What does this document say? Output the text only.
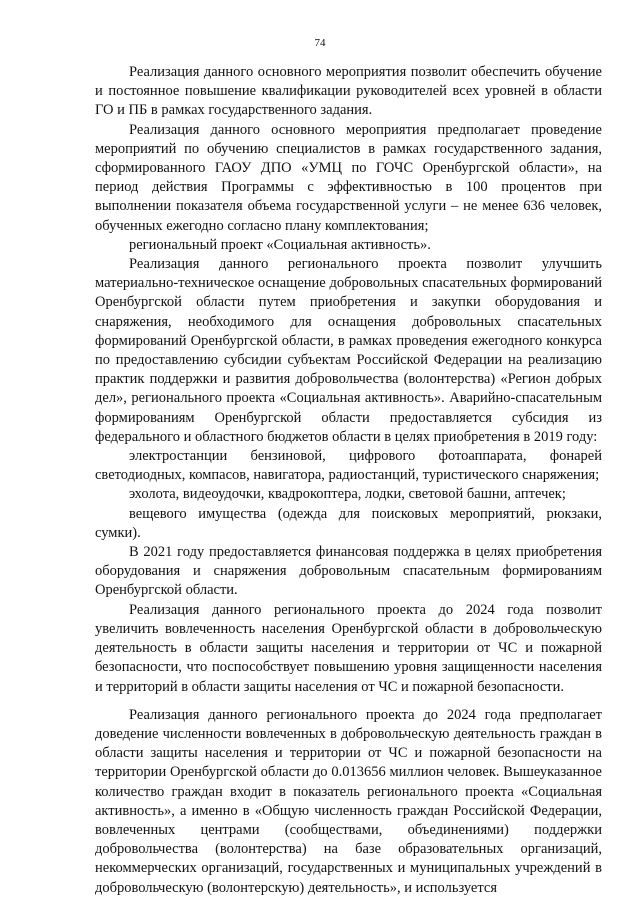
74

Реализация данного основного мероприятия позволит обеспечить обучение и постоянное повышение квалификации руководителей всех уровней в области ГО и ПБ в рамках государственного задания.

Реализация данного основного мероприятия предполагает проведение мероприятий по обучению специалистов в рамках государственного задания, сформированного ГАОУ ДПО «УМЦ по ГОЧС Оренбургской области», на период действия Программы с эффективностью в 100 процентов при выполнении показателя объема государственной услуги – не менее 636 человек, обученных ежегодно согласно плану комплектования;

региональный проект «Социальная активность».

Реализация данного регионального проекта позволит улучшить материально-техническое оснащение добровольных спасательных формирований Оренбургской области путем приобретения и закупки оборудования и снаряжения, необходимого для оснащения добровольных спасательных формирований Оренбургской области, в рамках проведения ежегодного конкурса по предоставлению субсидии субъектам Российской Федерации на реализацию практик поддержки и развития добровольчества (волонтерства) «Регион добрых дел», регионального проекта «Социальная активность». Аварийно-спасательным формированиям Оренбургской области предоставляется субсидия из федерального и областного бюджетов области в целях приобретения в 2019 году:

электростанции бензиновой, цифрового фотоаппарата, фонарей светодиодных, компасов, навигатора, радиостанций, туристического снаряжения;

эхолота, видеоудочки, квадрокоптера, лодки, световой башни, аптечек;

вещевого имущества (одежда для поисковых мероприятий, рюкзаки, сумки).

В 2021 году предоставляется финансовая поддержка в целях приобретения оборудования и снаряжения добровольным спасательным формированиям Оренбургской области.

Реализация данного регионального проекта до 2024 года позволит увеличить вовлеченность населения Оренбургской области в добровольческую деятельность в области защиты населения и территории от ЧС и пожарной безопасности, что поспособствует повышению уровня защищенности населения и территорий в области защиты населения от ЧС и пожарной безопасности.

Реализация данного регионального проекта до 2024 года предполагает доведение численности вовлеченных в добровольческую деятельность граждан в области защиты населения и территории от ЧС и пожарной безопасности на территории Оренбургской области до 0.013656 миллион человек. Вышеуказанное количество граждан входит в показатель регионального проекта «Социальная активность», а именно в «Общую численность граждан Российской Федерации, вовлеченных центрами (сообществами, объединениями) поддержки добровольчества (волонтерства) на базе образовательных организаций, некоммерческих организаций, государственных и муниципальных учреждений в добровольческую (волонтерскую) деятельность», и используется
